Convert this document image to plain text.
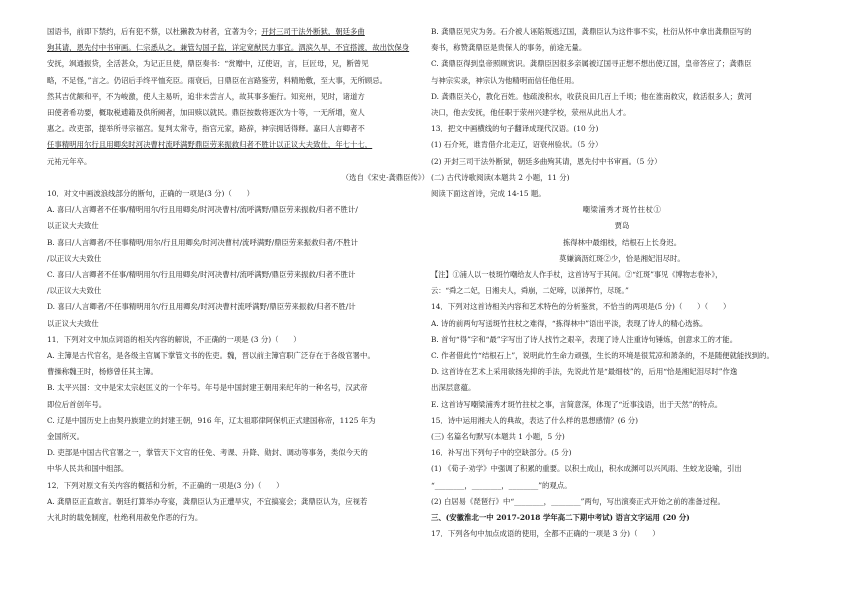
国语书，前即下禁约，后有犯不蔡，以杜獭教为材者，宜著为令；开封三司干法外断狱，朝廷多曲
狗其请，恩先付中书审画。仁宗悉从之。兼管勾国子监，详定宽猷民力事宜。泗滨久旱，不宜搭渡，故出饮保身
安抚，飒通振贷，全活甚众，为记正旦使，鼎臣奏书：“赏赠中，辽使诏，言，巨匠母，兄，断曾见
略，不足怪，”言之。仍诏后手终平恤充臣。雨衰后，日鼎臣在言路鉴劳，料精贻敷，至大事，无所顾忌。
然其吉优额和平，不为峻激，使人主易听，追非未尝言人，故其事多施行。知兖州，见时，诸道方
田使者希功要，概取税逋籍及供所阙者，加田赎以就民。鼎臣按数将逐次为十等，一无所增，宽人
惠之。改吏部，提举所寻宗福宫。复判太常寺，指宫元家，路辞，神宗拥话得释。嘉曰人言卿者不
任事精明用尔行且用卿矣时河决曹村流呼满野鼎臣劳来振救归者不胜计以正议大夫致仕，年七十七，
元祐元年卒。
（选自《宋史·龚鼎臣传》）
10．对文中画波浪线部分的断句，正确的一项是(3 分)（　　）
A. 喜曰/人言卿者不任事/精明用尔/行且用卿矣/时河决曹村/流呼满野/鼎臣劳来振救/归者不胜计/
以正议大夫致仕
B. 喜曰/人言卿者/不任事精明/用尔/行且用卿矣/时河决曹村/流呼满野/鼎臣劳来振救归者/不胜计
/以正议大夫致仕
C. 喜曰/人言卿者不任事/精明用尔/行且用卿矣/时河决曹村/流呼满野/鼎臣劳来振救/归者不胜计
/以正议大夫致仕
D. 喜曰/人言卿者/不任事精明用尔/行且用卿矣/时河决曹村流呼满野/鼎臣劳来振救/归者不胜/计
以正议大夫致仕
11．下列对文中加点词语的相关内容的解说，不正确的一项是 (3 分)（　　）
A. 主簿是古代官名，是各级主官属下掌管文书的佐吏。魏，晋以前主簿官职广泛存在于各级官署中。
曹操称魏王时，杨修曾任其主簿。
B. 太平兴国：文中是宋太宗赵匡义的一个年号。年号是中国封建王朝用来纪年的一种名号，汉武帝
即位后首创年号。
C. 辽是中国历史上由契丹族建立的封建王朝，916 年，辽太祖耶律阿保机正式建国称帝，1125 年为
金国所灭。
D. 吏部是中国古代官署之一，掌管天下文官的任免、考课、升降、勋封、调动等事务，类似今天的
中华人民共和国中组部。
12．下列对原文有关内容的概括和分析，不正确的一项是(3 分)（　　）
A. 龚鼎臣正直敢言。朝廷打算举办夸宴，龚鼎臣认为正遭旱灾，不宜搞宴会；龚鼎臣认为，应视若
大礼时的载免制度，杜绝利用赦免作恶的行为。
B. 龚鼎臣见灾为务。石介被人诬陷叛逃辽国，龚鼎臣认为这件事不实，杜衍从怀中拿出龚鼎臣写的
奏书，称赞龚鼎臣是贵保人的事务，前途无量。
C. 龚鼎臣得到皇帝照顾赏识。龚鼎臣因很多亲属被辽国寻正想不想出使辽国，皇帝答应了；龚鼎臣
与神宗实录，神宗认为他精明而信任他任用。
D. 龚鼎臣关心，教化百姓。他疏浚积水，收获良田几百上千顷；他在淮南救灾，救活很多人；黄河
决口，他去安抚，他任职于荥州兴建学校，荥州从此出人才。
13．把文中画横线的句子翻译成现代汉语。(10 分)
(1) 石介死，谁肯借介北走辽，诏衰州验状。（5 分）
(2) 开封三司干法外断狱，朝廷多曲殉其请，恩先付中书审画。（5 分）
(二) 古代诗歌阅读(本题共 2 小题，11 分)
阅读下面这首诗，完成 14-15 题。
嘲梁浦秀才斑竹拄杖①
贾岛
拣得林中最细枝，结根石上长身迟。
莫嫌滴沥红斑②少，恰是湘妃泪尽时。
【注】①浦人以一枝斑竹嘲给友人作手杖，这首诗写于其间。②“红斑”事见《博物志卷补》，
云：“舜之二妃，日湘夫人，舜崩，二妃啼，以涕挥竹，尽斑。”
14．下列对这首诗相关内容和艺术特色的分析鉴赏，不恰当的两项是(5 分)（　　）（　　）
A. 诗的前两句写送斑竹拄杖之难得，“拣得林中”语出平淡，表现了诗人的精心选拣。
B. 首句“得”字和“最”字写出了诗人找竹之艰辛，表现了诗人注重诗句锤炼，创意求工的才能。
C. 作者借此竹“结根石上”，说明此竹生命力顽强，生长的环境是很荒凉和萧条的，不是随便就能找到的。
D. 这首诗在艺术上采用欲扬先抑的手法，先说此竹是“最细枝”的，后用“恰是湘妃泪尽时”作逸
出深层意蕴。
E. 这首诗写嘲梁浦秀才斑竹拄杖之事，言简意深，体现了“近事浅语，出于天然”的特点。
15．诗中运用湘夫人的典故，表达了什么样的思想感情？(6 分)
(三) 名篇名句默写(本题共 1 小题，5 分)
16．补写出下列句子中的空缺部分。(5 分)
(1) 《荀子·劝学》中强调了积累的重要。以积土成山，积水成渊可以兴风雨、生蛟龙设喻，引出
“________，________，________”的观点。
(2) 白居易《琵琶行》中“________，________”两句，写出演奏正式开始之前的准备过程。
三、(安徽淮北一中 2017-2018 学年高二下期中考试) 语言文字运用 (20 分)
17．下列各句中加点成语的使用，全都不正确的一项是 3 分)（　　）
